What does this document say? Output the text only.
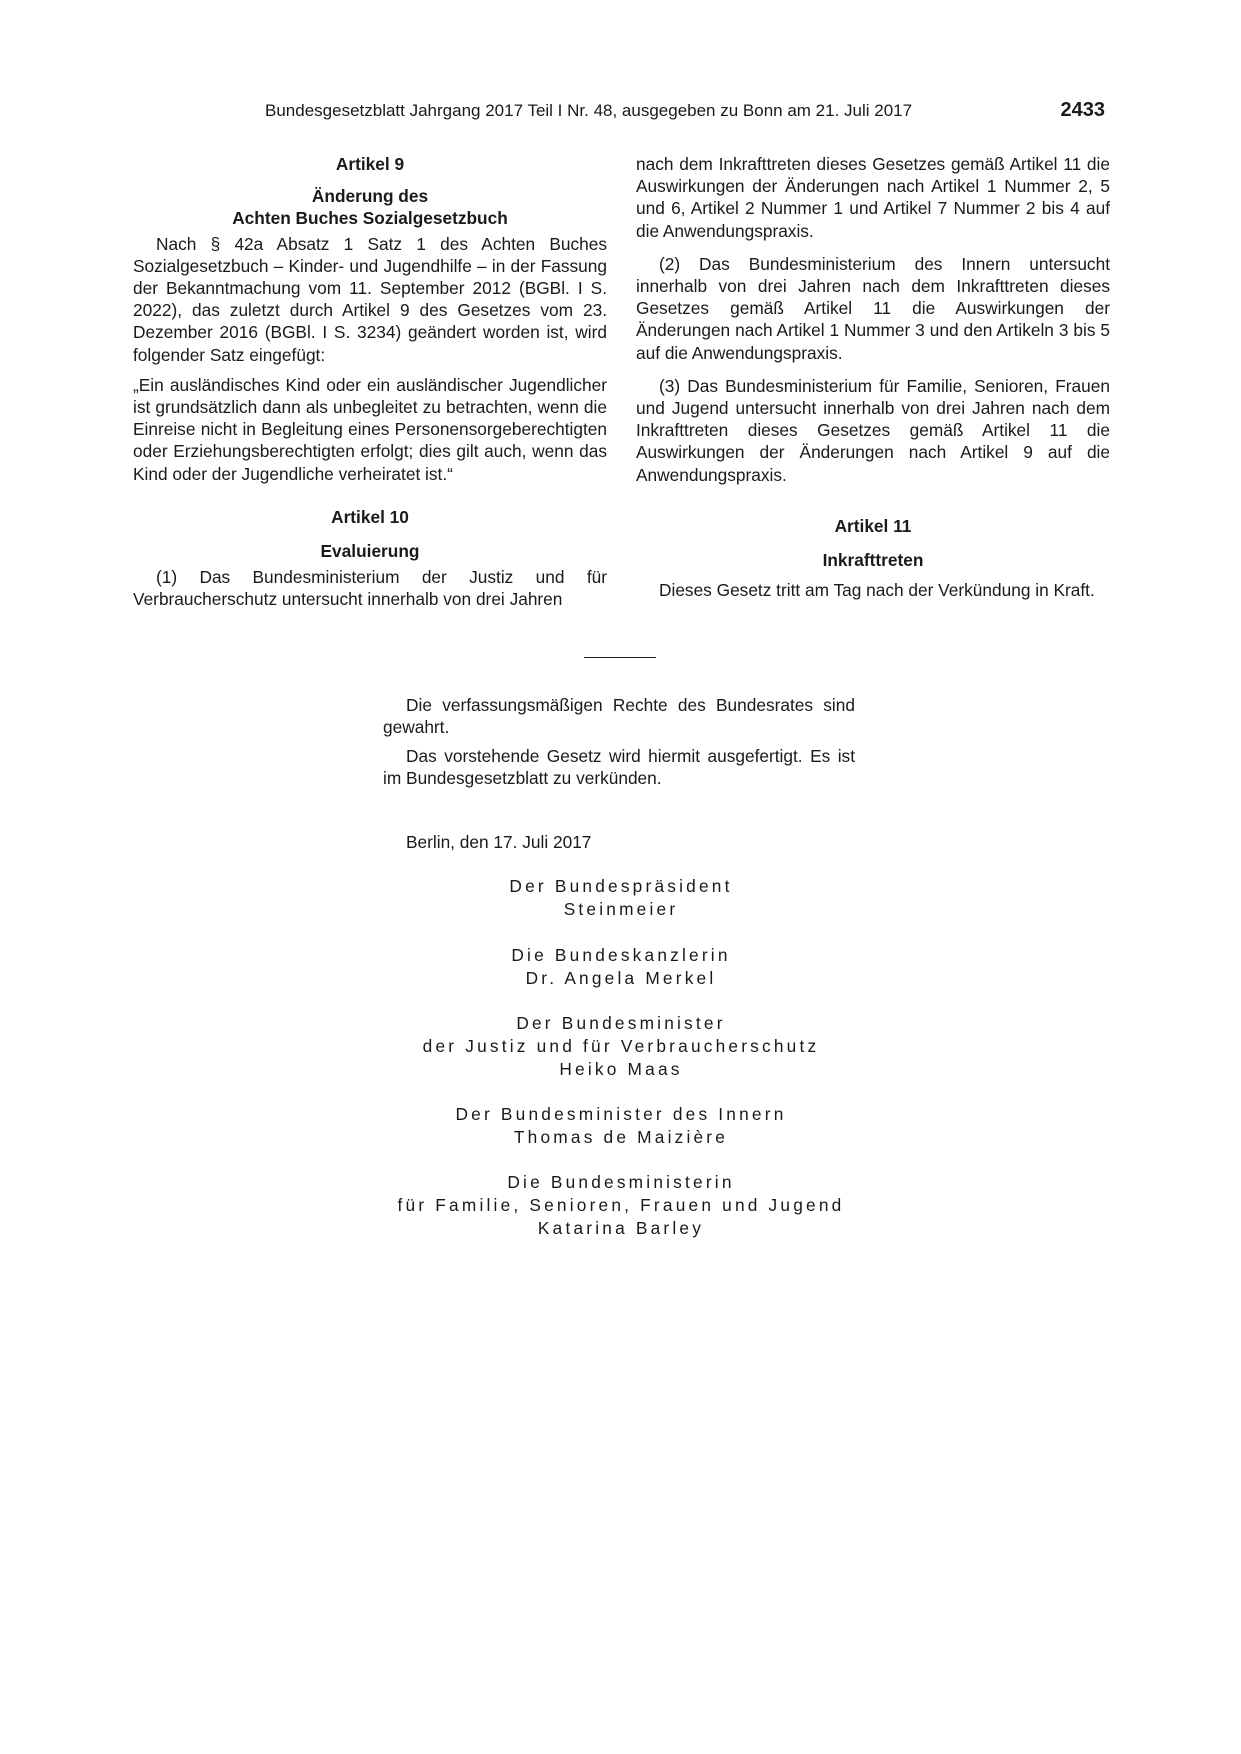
Bundesgesetzblatt Jahrgang 2017 Teil I Nr. 48, ausgegeben zu Bonn am 21. Juli 2017	2433

Artikel 9

Änderung des

Achten Buches Sozialgesetzbuch

Nach § 42a Absatz 1 Satz 1 des Achten Buches Sozialgesetzbuch – Kinder- und Jugendhilfe – in der Fassung der Bekanntmachung vom 11. September 2012 (BGBl. I S. 2022), das zuletzt durch Artikel 9 des Gesetzes vom 23. Dezember 2016 (BGBl. I S. 3234) geändert worden ist, wird folgender Satz eingefügt:

„Ein ausländisches Kind oder ein ausländischer Jugendlicher ist grundsätzlich dann als unbegleitet zu betrachten, wenn die Einreise nicht in Begleitung eines Personensorgeberechtigten oder Erziehungsberechtigten erfolgt; dies gilt auch, wenn das Kind oder der Jugendliche verheiratet ist.“

Artikel 10

Evaluierung

(1) Das Bundesministerium der Justiz und für Verbraucherschutz untersucht innerhalb von drei Jahren

nach dem Inkrafttreten dieses Gesetzes gemäß Artikel 11 die Auswirkungen der Änderungen nach Artikel 1 Nummer 2, 5 und 6, Artikel 2 Nummer 1 und Artikel 7 Nummer 2 bis 4 auf die Anwendungspraxis.

(2) Das Bundesministerium des Innern untersucht innerhalb von drei Jahren nach dem Inkrafttreten dieses Gesetzes gemäß Artikel 11 die Auswirkungen der Änderungen nach Artikel 1 Nummer 3 und den Artikeln 3 bis 5 auf die Anwendungspraxis.

(3) Das Bundesministerium für Familie, Senioren, Frauen und Jugend untersucht innerhalb von drei Jahren nach dem Inkrafttreten dieses Gesetzes gemäß Artikel 11 die Auswirkungen der Änderungen nach Artikel 9 auf die Anwendungspraxis.

Artikel 11

Inkrafttreten

Dieses Gesetz tritt am Tag nach der Verkündung in Kraft.

Die verfassungsmäßigen Rechte des Bundesrates sind gewahrt.

Das vorstehende Gesetz wird hiermit ausgefertigt. Es ist im Bundesgesetzblatt zu verkünden.

Berlin, den 17. Juli 2017
Der Bundespräsident
Steinmeier
Die Bundeskanzlerin
Dr. Angela Merkel
Der Bundesminister
der Justiz und für Verbraucherschutz
Heiko Maas
Der Bundesminister des Innern
Thomas de Maizière
Die Bundesministerin
für Familie, Senioren, Frauen und Jugend
Katarina Barley
